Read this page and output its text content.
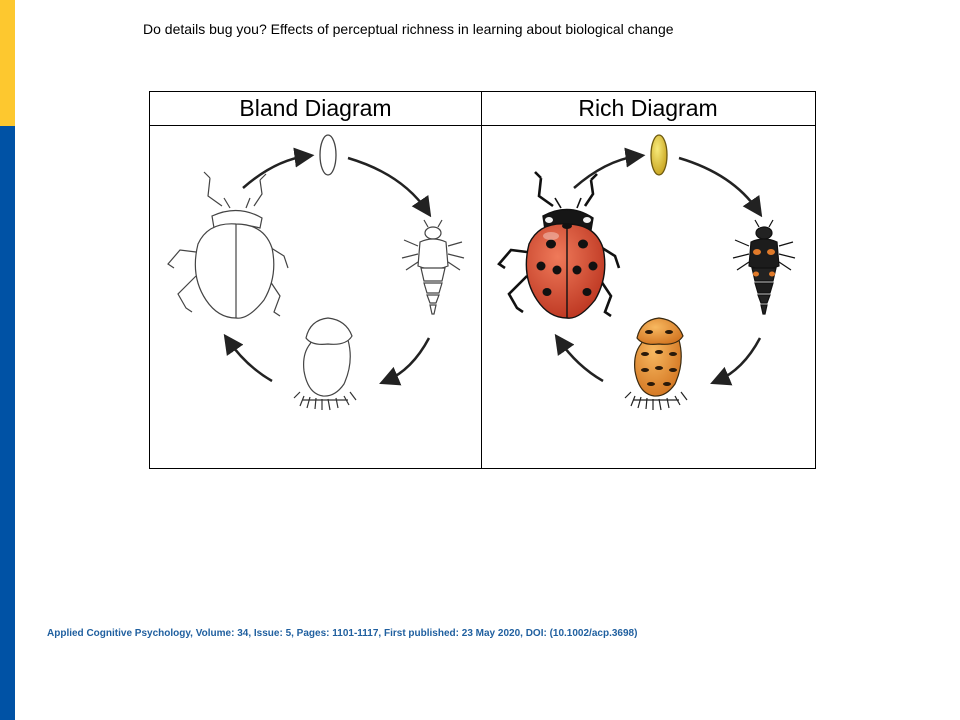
Do details bug you? Effects of perceptual richness in learning about biological change
Bland Diagram	Rich Diagram
Applied Cognitive Psychology, Volume: 34, Issue: 5, Pages: 1101-1117, First published: 23 May 2020, DOI: (10.1002/acp.3698)
